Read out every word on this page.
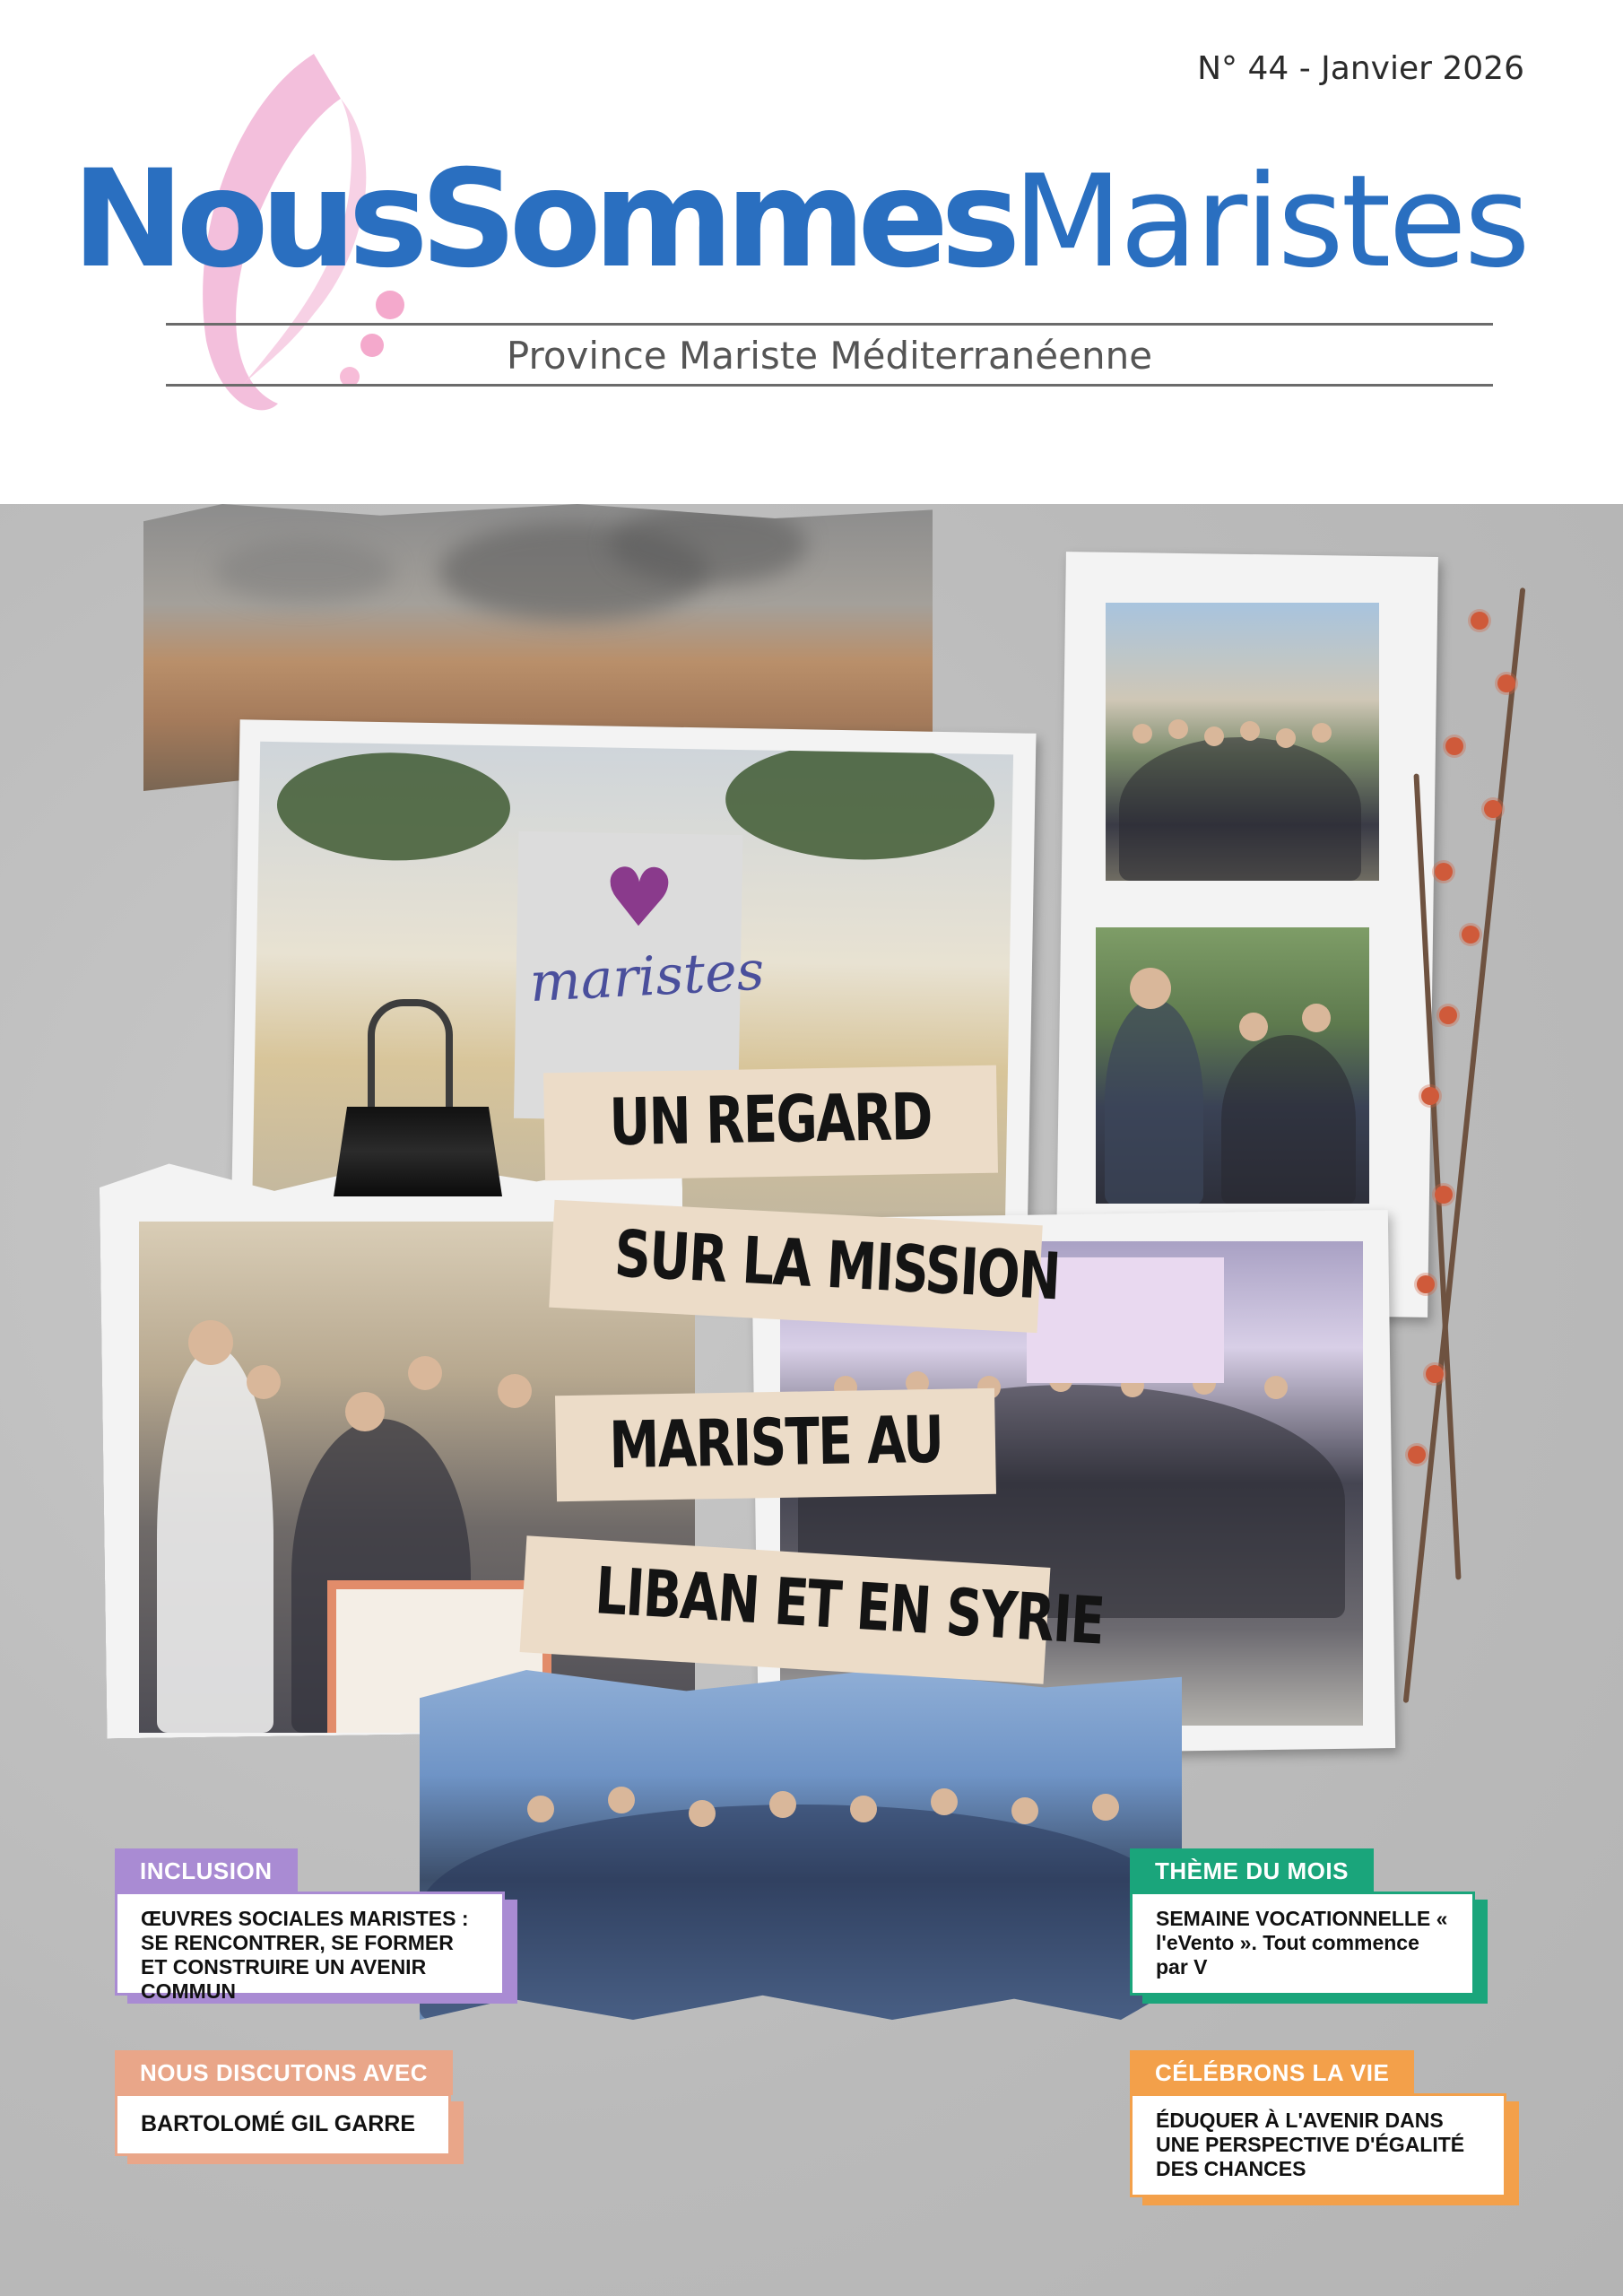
N° 44 - Janvier 2026
NousSommesMaristes
Province Mariste Méditerranéenne
♥
maristes
UN REGARD
SUR LA MISSION
MARISTE AU
LIBAN ET EN SYRIE
INCLUSION
ŒUVRES SOCIALES MARISTES : SE RENCONTRER, SE FORMER ET CONSTRUIRE UN AVENIR COMMUN
THÈME DU MOIS
SEMAINE VOCATIONNELLE « l'eVento ». Tout commence par V
NOUS DISCUTONS AVEC
BARTOLOMÉ GIL GARRE
CÉLÉBRONS LA VIE
ÉDUQUER À L'AVENIR DANS UNE PERSPECTIVE D'ÉGALITÉ DES CHANCES
